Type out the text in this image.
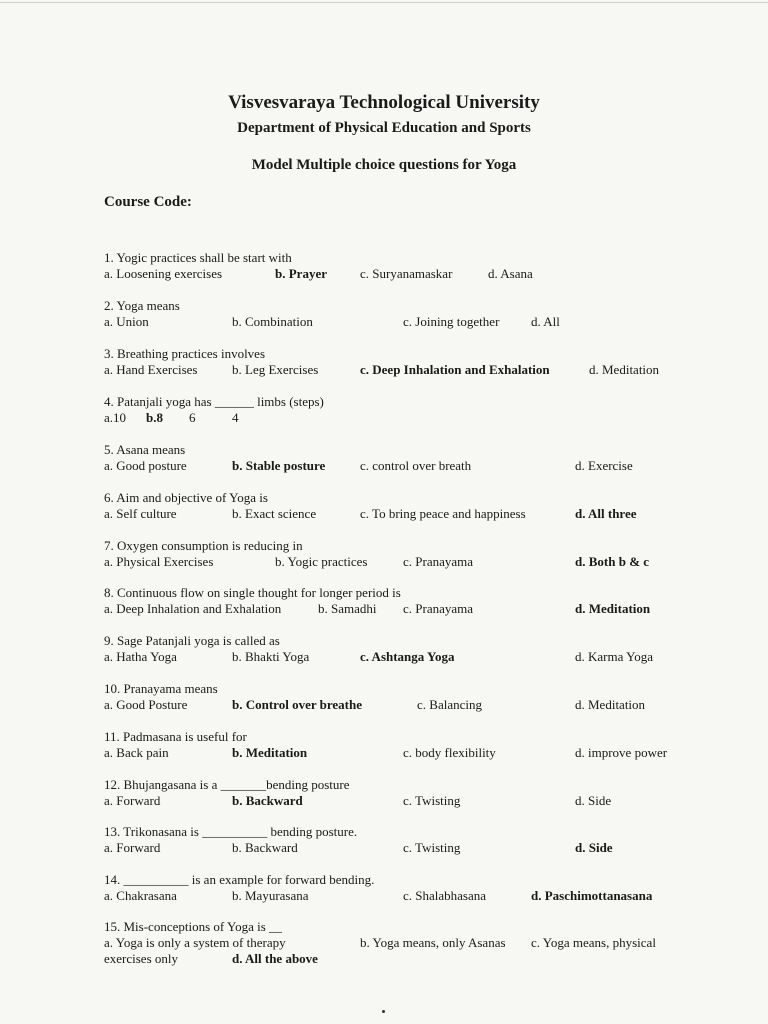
Visvesvaraya Technological University
Department of Physical Education and Sports
Model Multiple choice questions for Yoga
Course Code:
1. Yogic practices shall be start with
a. Loosening exercises	b. Prayer	c. Suryanamaskar	d. Asana
2. Yoga means
a. Union	b. Combination	c. Joining together d. All
3. Breathing practices involves
a. Hand Exercises	b. Leg Exercises	c. Deep Inhalation and Exhalation	d. Meditation
4. Patanjali yoga has ______ limbs (steps)
a.10 b.8 6	4
5. Asana means
a. Good posture	b. Stable posture	c. control over breath	d. Exercise
6. Aim and objective of Yoga is
a. Self culture	b. Exact science	c. To bring peace and happiness	d. All three
7. Oxygen consumption is reducing in
a. Physical Exercises	b. Yogic practices	c. Pranayama	d. Both b & c
8. Continuous flow on single thought for longer period is
a. Deep Inhalation and Exhalation	b. Samadhi c. Pranayama	d. Meditation
9. Sage Patanjali yoga is called as
a. Hatha Yoga	b. Bhakti Yoga	c. Ashtanga Yoga	d. Karma Yoga
10. Pranayama means
a. Good Posture	b. Control over breathe	c. Balancing	d. Meditation
11. Padmasana is useful for
a. Back pain	b. Meditation	c. body flexibility	d. improve power
12. Bhujangasana is a _______bending posture
a. Forward	b. Backward	c. Twisting	d. Side
13. Trikonasana is __________ bending posture.
a. Forward	b. Backward	c. Twisting	d. Side
14. __________ is an example for forward bending.
a. Chakrasana	b. Mayurasana	c. Shalabhasana	d. Paschimottanasana
15. Mis-conceptions of Yoga is __
a. Yoga is only a system of therapy	b. Yoga means, only Asanas c. Yoga means, physical
exercises only	d. All the above
